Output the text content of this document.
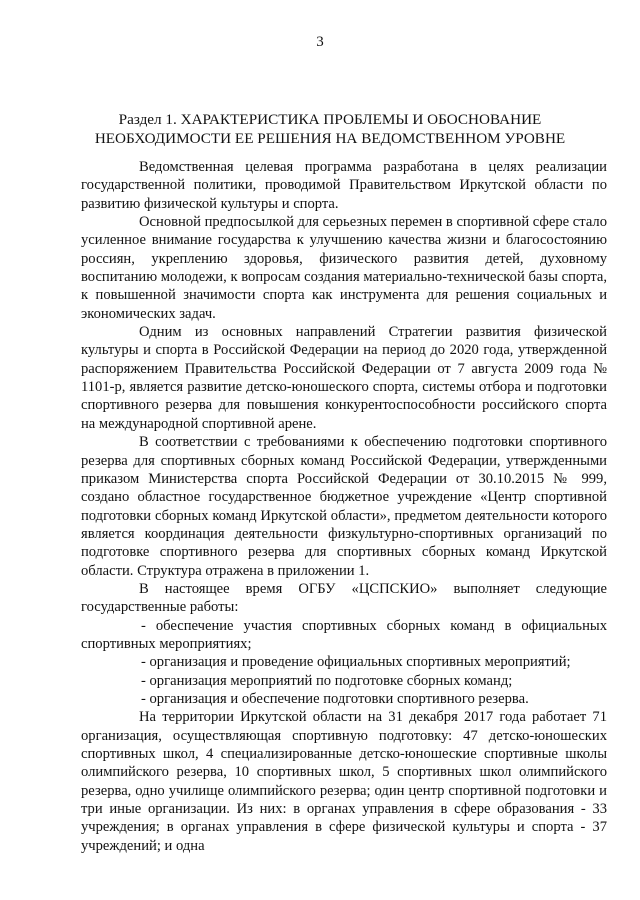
3
Раздел 1. ХАРАКТЕРИСТИКА ПРОБЛЕМЫ И ОБОСНОВАНИЕ
НЕОБХОДИМОСТИ ЕЕ РЕШЕНИЯ НА ВЕДОМСТВЕННОМ УРОВНЕ

Ведомственная целевая программа разработана в целях реализации государственной политики, проводимой Правительством Иркутской области по развитию физической культуры и спорта.

Основной предпосылкой для серьезных перемен в спортивной сфере стало усиленное внимание государства к улучшению качества жизни и благосостоянию россиян, укреплению здоровья, физического развития детей, духовному воспитанию молодежи, к вопросам создания материально-технической базы спорта, к повышенной значимости спорта как инструмента для решения социальных и экономических задач.

Одним из основных направлений Стратегии развития физической культуры и спорта в Российской Федерации на период до 2020 года, утвержденной распоряжением Правительства Российской Федерации от 7 августа 2009 года № 1101-р, является развитие детско-юношеского спорта, системы отбора и подготовки спортивного резерва для повышения конкурентоспособности российского спорта на международной спортивной арене.

В соответствии с требованиями к обеспечению подготовки спортивного резерва для спортивных сборных команд Российской Федерации, утвержденными приказом Министерства спорта Российской Федерации от 30.10.2015 № 999, создано областное государственное бюджетное учреждение «Центр спортивной подготовки сборных команд Иркутской области», предметом деятельности которого является координация деятельности физкультурно-спортивных организаций по подготовке спортивного резерва для спортивных сборных команд Иркутской области. Структура отражена в приложении 1.

В настоящее время ОГБУ «ЦСПСКИО» выполняет следующие государственные работы:

- обеспечение участия спортивных сборных команд в официальных спортивных мероприятиях;

- организация и проведение официальных спортивных мероприятий;

- организация мероприятий по подготовке сборных команд;

- организация и обеспечение подготовки спортивного резерва.

На территории Иркутской области на 31 декабря 2017 года работает 71 организация, осуществляющая спортивную подготовку: 47 детско-юношеских спортивных школ, 4 специализированные детско-юношеские спортивные школы олимпийского резерва, 10 спортивных школ, 5 спортивных школ олимпийского резерва, одно училище олимпийского резерва; один центр спортивной подготовки и три иные организации. Из них: в органах управления в сфере образования - 33 учреждения; в органах управления в сфере физической культуры и спорта - 37 учреждений; и одна
